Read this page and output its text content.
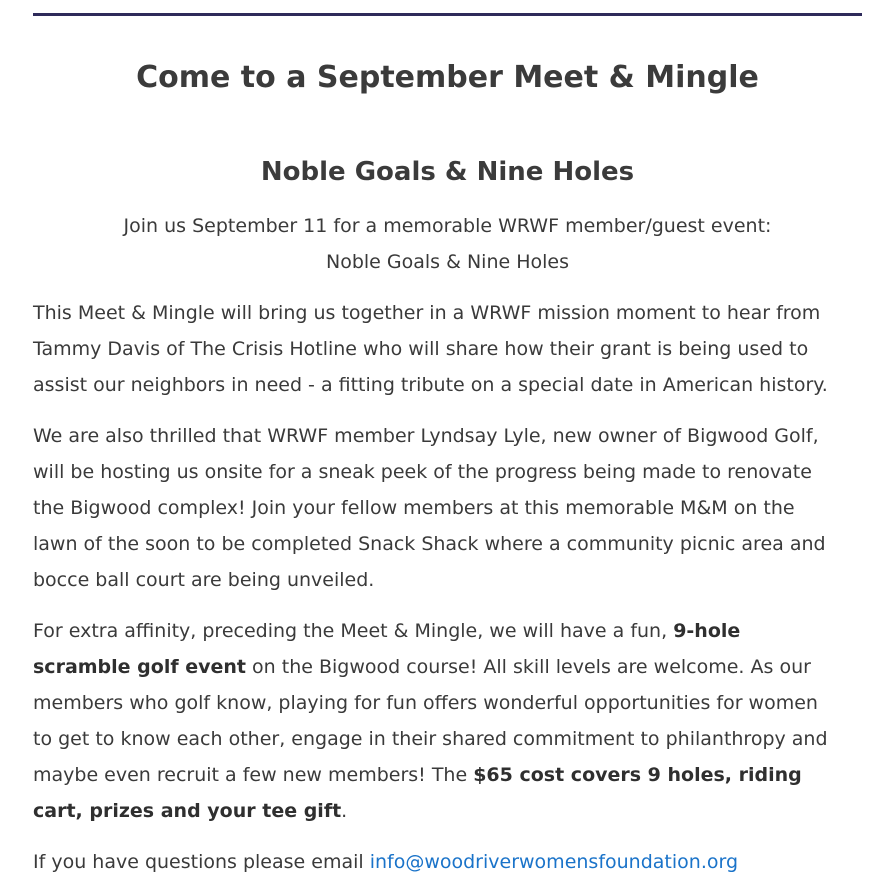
Come to a September Meet & Mingle
Noble Goals & Nine Holes
Join us September 11 for a memorable WRWF member/guest event:
Noble Goals & Nine Holes
This Meet & Mingle will bring us together in a WRWF mission moment to hear from
Tammy Davis of The Crisis Hotline who will share how their grant is being used to
assist our neighbors in need - a fitting tribute on a special date in American history.
We are also thrilled that WRWF member Lyndsay Lyle, new owner of Bigwood Golf,
will be hosting us onsite for a sneak peek of the progress being made to renovate
the Bigwood complex! Join your fellow members at this memorable M&M on the
lawn of the soon to be completed Snack Shack where a community picnic area and
bocce ball court are being unveiled.
For extra affinity, preceding the Meet & Mingle, we will have a fun, 9-hole
scramble golf event on the Bigwood course! All skill levels are welcome. As our
members who golf know, playing for fun offers wonderful opportunities for women
to get to know each other, engage in their shared commitment to philanthropy and
maybe even recruit a few new members! The $65 cost covers 9 holes, riding
cart, prizes and your tee gift.
If you have questions please email info@woodriverwomensfoundation.org
